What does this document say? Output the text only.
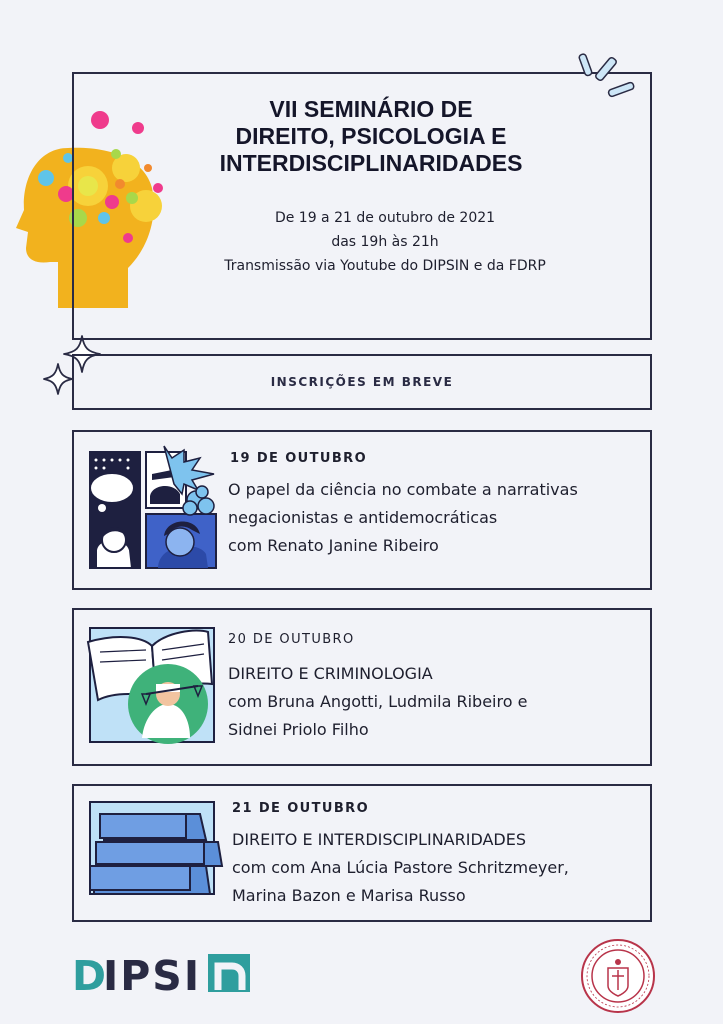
VII SEMINÁRIO DE
DIREITO, PSICOLOGIA E
INTERDISCIPLINARIDADES
De 19 a 21 de outubro de 2021
das 19h às 21h
Transmissão via Youtube do DIPSIN e da FDRP
INSCRIÇÕES EM BREVE
19 DE OUTUBRO
O papel da ciência no combate a narrativas
negacionistas e antidemocráticas
com Renato Janine Ribeiro
20 DE OUTUBRO
DIREITO E CRIMINOLOGIA
com Bruna Angotti, Ludmila Ribeiro e
Sidnei Priolo Filho
21 DE OUTUBRO
DIREITO E INTERDISCIPLINARIDADES
com com Ana Lúcia Pastore Schritzmeyer,
Marina Bazon e Marisa Russo
D
IPSI
